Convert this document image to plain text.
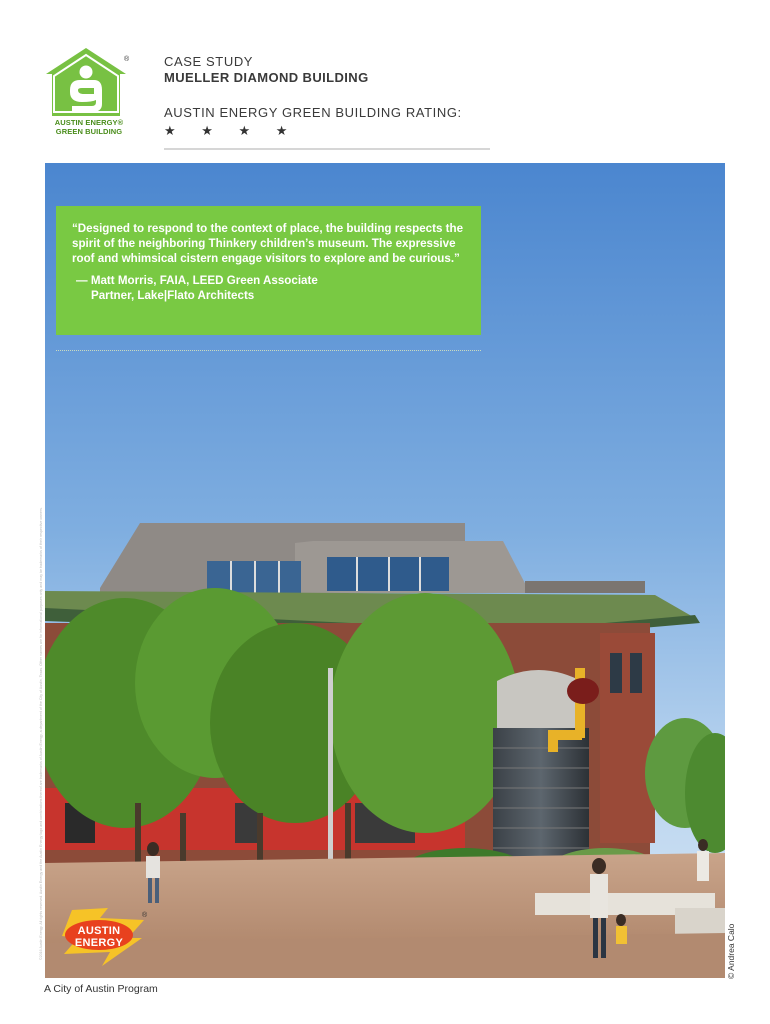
®
AUSTIN ENERGY®
GREEN BUILDING
CASE STUDY
MUELLER DIAMOND BUILDING
AUSTIN ENERGY GREEN BUILDING RATING:
★ ★ ★ ★
“Designed to respond to the context of place, the building respects the spirit of the neighboring Thinkery children’s museum. The expressive roof and whimsical cistern engage visitors to explore and be curious.”
— Matt Morris, FAIA, LEED Green Associate
Partner, Lake|Flato Architects
©2016 Austin Energy. All rights reserved. Austin Energy and the Austin Energy logo and combinations thereof are trademarks of Austin Energy, a department of the City of Austin, Texas. Other names are for informational purposes only and may be trademarks of their respective owners.	© Andrea Calo
®
AUSTIN
ENERGY
A City of Austin Program
